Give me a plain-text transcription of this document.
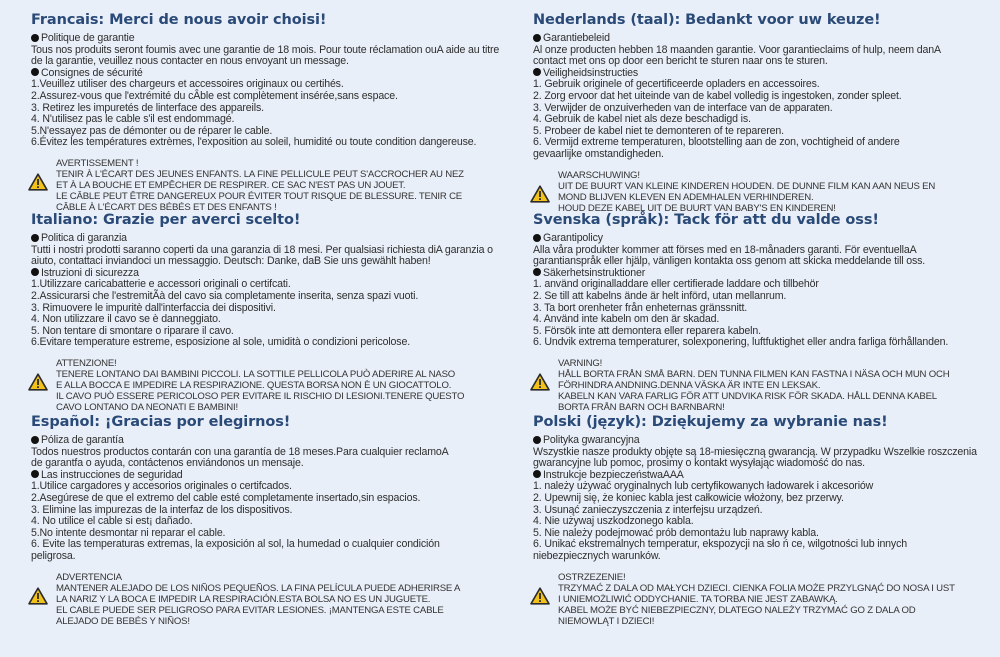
Francais: Merci de nous avoir choisi!
Politique de garantie
Tous nos produits seront foumis avec une garantie de 18 mois. Pour toute réclamation ouA aide au titre
de la garantie, veuillez nous contacter en nous envoyant un message.
Consignes de sécurité
1.Veuillez utiliser des chargeurs et accessoires originaux ou certihés.
2.Assurez-vous que l'extrémité du cÂble est complètement insérée,sans espace.
3. Retirez les impuretés de linterface des appareils.
4. N'utilisez pas le cable s'il est endommagé.
5.N'essayez pas de démonter ou de réparer le cable.
6.Évitez les températures extrèmes, l'exposition au soleil, humidité ou toute condition dangereuse.
AVERTISSEMENT !
TENIR À L'ÉCART DES JEUNES ENFANTS. LA FINE PELLICULE PEUT S'ACCROCHER AU NEZ
ET À LA BOUCHE ET EMPÊCHER DE RESPIRER. CE SAC N'EST PAS UN JOUET.
LE CÂBLE PEUT ÊTRE DANGEREUX POUR ÉVITER TOUT RISQUE DE BLESSURE. TENIR CE
CÂBLE À L'ÉCART DES BÉBÉS ET DES ENFANTS !
Italiano: Grazie per averci scelto!
Politica di garanzia
Tutti i nostri prodotti saranno coperti da una garanzia di 18 mesi. Per qualsiasi richiesta diA garanzia o
aiuto, contattaci inviandoci un messaggio. Deutsch: Danke, daB Sie uns gewählt haben!
Istruzioni di sicurezza
1.Utilizzare caricabatterie e accessori originali o certifcati.
2.Assicurarsi che l'estremitÃà del cavo sia completamente inserita, senza spazi vuoti.
3. Rimuovere le impuritè dall'interfaccia dei dispositivi.
4. Non utilizzare il cavo se è danneggiato.
5. Non tentare di smontare o riparare il cavo.
6.Evitare temperature estreme, esposizione al sole, umidità o condizioni pericolose.
ATTENZIONE!
TENERE LONTANO DAI BAMBINI PICCOLI. LA SOTTILE PELLICOLA PUÒ ADERIRE AL NASO
E ALLA BOCCA E IMPEDIRE LA RESPIRAZIONE. QUESTA BORSA NON È UN GIOCATTOLO.
IL CAVO PUÒ ESSERE PERICOLOSO PER EVITARE IL RISCHIO DI LESIONI.TENERE QUESTO
CAVO LONTANO DA NEONATI E BAMBINI!
Español: ¡Gracias por elegirnos!
Póliza de garantía
Todos nuestros productos contarán con una garantía de 18 meses.Para cualquier reclamoA
de garantfa o ayuda, contáctenos enviándonos un mensaje.
Las instrucciones de seguridad
1.Utilice cargadores y accesorios originales o certifcados.
2.Asegúrese de que el extremo del cable esté completamente insertado,sin espacios.
3. Elimine las impurezas de la interfaz de los dispositivos.
4. No utilice el cable si est¡ dañado.
5.No intente desmontar ni reparar el cable.
6. Evite las temperaturas extremas, la exposición al sol, la humedad o cualquier condición
peligrosa.
ADVERTENCIA
MANTENER ALEJADO DE LOS NIÑOS PEQUEÑOS. LA FINA PELÍCULA PUEDE ADHERIRSE A
LA NARIZ Y LA BOCA E IMPEDIR LA RESPIRACIÓN.ESTA BOLSA NO ES UN JUGUETE.
EL CABLE PUEDE SER PELIGROSO PARA EVITAR LESIONES. ¡MANTENGA ESTE CABLE
ALEJADO DE BEBÉS Y NIÑOS!
Nederlands (taal): Bedankt voor uw keuze!
Garantiebeleid
Al onze producten hebben 18 maanden garantie. Voor garantieclaims of hulp, neem danA
contact met ons op door een bericht te sturen naar ons te sturen.
Veiligheidsinstructies
1. Gebruik originele of gecertificeerde opladers en accessoires.
2. Zorg ervoor dat het uiteinde van de kabel volledig is ingestoken, zonder spleet.
3. Verwijder de onzuiverheden van de interface van de apparaten.
4. Gebruik de kabel niet als deze beschadigd is.
5. Probeer de kabel niet te demonteren of te repareren.
6. Vermijd extreme temperaturen, blootstelling aan de zon, vochtigheid of andere
gevaarlijke omstandigheden.
WAARSCHUWING!
UIT DE BUURT VAN KLEINE KINDEREN HOUDEN. DE DUNNE FILM KAN AAN NEUS EN
MOND BLIJVEN KLEVEN EN ADEMHALEN VERHINDEREN.
HOUD DEZE KABEL UIT DE BUURT VAN BABY'S EN KINDEREN!
Svenska (språk): Tack för att du valde oss!
Garantipolicy
Alla våra produkter kommer att förses med en 18-månaders garanti. För eventuellaA
garantianspråk eller hjälp, vänligen kontakta oss genom att skicka meddelande till oss.
Säkerhetsinstruktioner
1. använd originalladdare eller certifierade laddare och tillbehör
2. Se till att kabelns ände är helt införd, utan mellanrum.
3. Ta bort orenheter från enheternas gränssnitt.
4. Använd inte kabeln om den är skadad.
5. Försök inte att demontera eller reparera kabeln.
6. Undvik extrema temperaturer, solexponering, luftfuktighet eller andra farliga förhållanden.
VARNING!
HÅLL BORTA FRÅN SMÅ BARN. DEN TUNNA FILMEN KAN FASTNA I NÄSA OCH MUN OCH
FÖRHINDRA ANDNING.DENNA VÄSKA ÄR INTE EN LEKSAK.
KABELN KAN VARA FARLIG FÖR ATT UNDVIKA RISK FÖR SKADA. HÅLL DENNA KABEL
BORTA FRÅN BARN OCH BARNBARN!
Polski (język): Dziękujemy za wybranie nas!
Polityka gwarancyjna
Wszystkie nasze produkty objęte są 18-miesięczną gwarancją. W przypadku Wszelkie roszczenia
gwarancyjne lub pomoc, prosimy o kontakt wysyłając wiadomość do nas.
Instrukcje bezpieczeństwaAAA
1. należy używać oryginalnych lub certyfikowanych ładowarek i akcesoriów
2. Upewnij się, że koniec kabla jest całkowicie włożony, bez przerwy.
3. Usunąć zanieczyszczenia z interfejsu urządzeń.
4. Nie używaj uszkodzonego kabla.
5. Nie należy podejmować prób demontażu lub naprawy kabla.
6. Unikać ekstremalnych temperatur, ekspozycji na sło ń ce, wilgotności lub innych
niebezpiecznych warunków.
OSTRZEZENIE!
TRZYMAĆ Z DALA OD MAŁYCH DZIECI. CIENKA FOLIA MOŻE PRZYLGNĄĆ DO NOSA I UST
I UNIEMOŻLIWIĆ ODDYCHANIE. TA TORBA NIE JEST ZABAWKĄ.
KABEL MOŻE BYĆ NIEBEZPIECZNY, DLATEGO NALEŻY TRZYMAĆ GO Z DALA OD
NIEMOWLĄT I DZIECI!
